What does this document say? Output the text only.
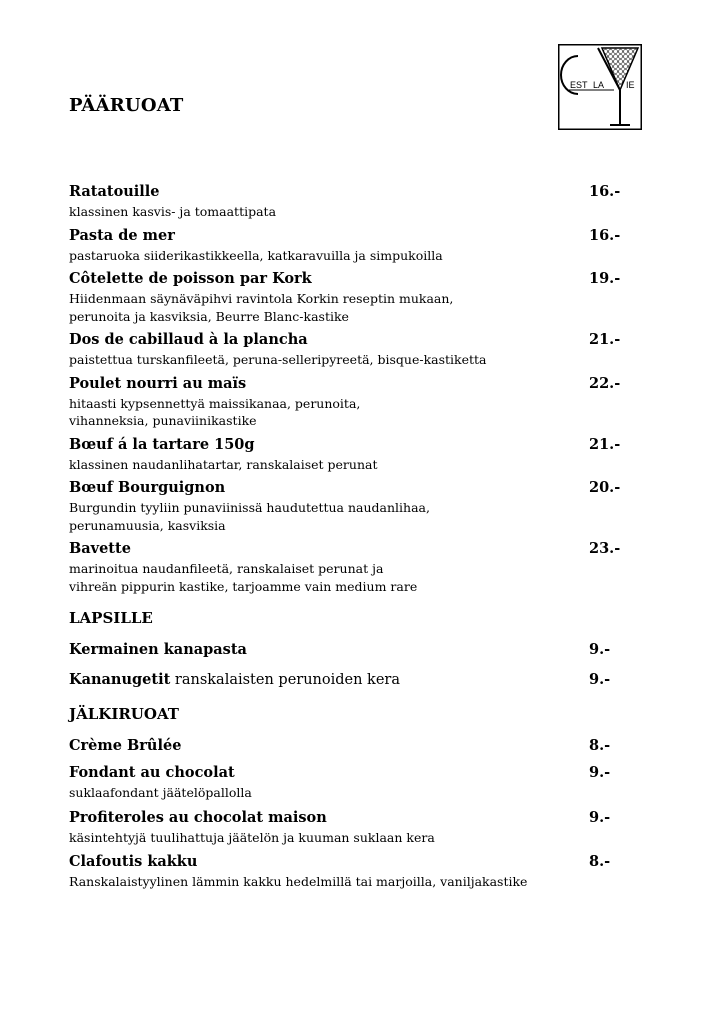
EST LA IE
PÄÄRUOAT
Ratatouille	16.-
klassinen kasvis- ja tomaattipata
Pasta de mer	16.-
pastaruoka siiderikastikkeella, katkaravuilla ja simpukoilla
Côtelette de poisson par Kork	19.-
Hiidenmaan säynäväpihvi ravintola Korkin reseptin mukaan,
perunoita ja kasviksia, Beurre Blanc-kastike
Dos de cabillaud à la plancha	21.-
paistettua turskanfileetä, peruna-selleripyreetä, bisque-kastiketta
Poulet nourri au maïs	22.-
hitaasti kypsennettyä maissikanaa, perunoita,
vihanneksia, punaviinikastike
Bœuf á la tartare 150g	21.-
klassinen naudanlihatartar, ranskalaiset perunat
Bœuf Bourguignon	20.-
Burgundin tyyliin punaviinissä haudutettua naudanlihaa,
perunamuusia, kasviksia
Bavette	23.-
marinoitua naudanfileetä, ranskalaiset perunat ja
vihreän pippurin kastike, tarjoamme vain medium rare
LAPSILLE
Kermainen kanapasta	9.-
Kananugetit ranskalaisten perunoiden kera	9.-
JÄLKIRUOAT
Crème Brûlée	8.-
Fondant au chocolat	9.-
suklaafondant jäätelöpallolla
Profiteroles au chocolat maison	9.-
käsintehtyjä tuulihattuja jäätelön ja kuuman suklaan kera
Clafoutis kakku	8.-
Ranskalaistyylinen lämmin kakku hedelmillä tai marjoilla, vaniljakastike
